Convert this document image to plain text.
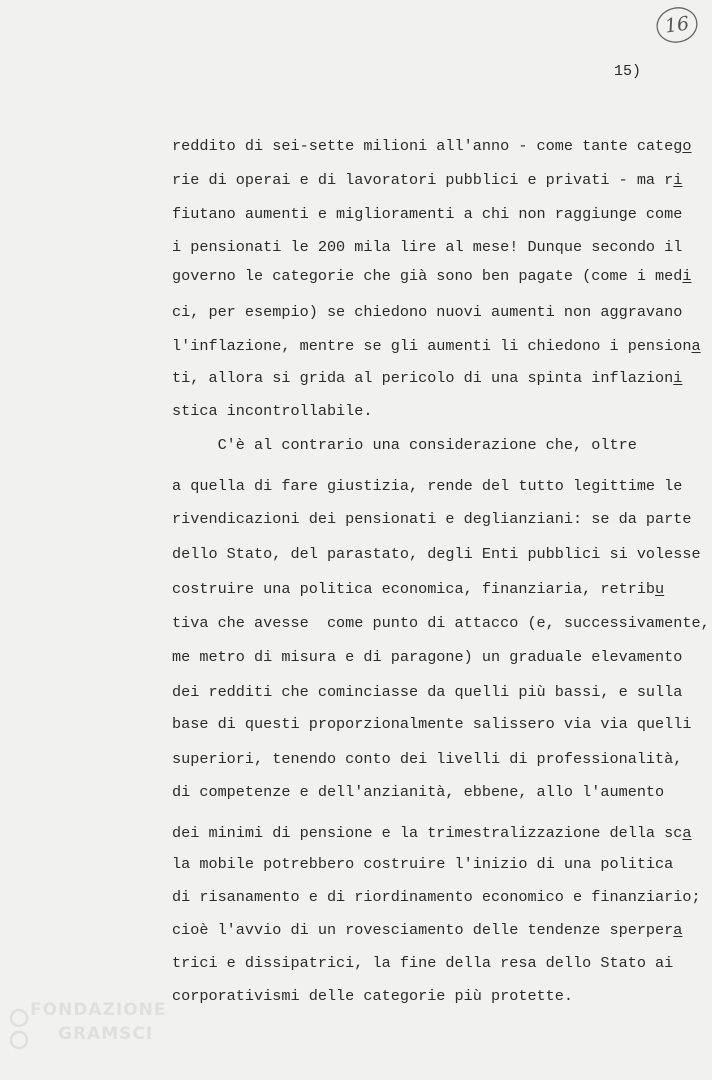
16
15)
reddito di sei-sette milioni all'anno - come tante catego
rie di operai e di lavoratori pubblici e privati - ma ri
fiutano aumenti e miglioramenti a chi non raggiunge come
i pensionati le 200 mila lire al mese! Dunque secondo il
governo le categorie che già sono ben pagate (come i medi
ci, per esempio) se chiedono nuovi aumenti non aggravano
l'inflazione, mentre se gli aumenti li chiedono i pensiona
ti, allora si grida al pericolo di una spinta inflazioni
stica incontrollabile.
C'è al contrario una considerazione che, oltre
a quella di fare giustizia, rende del tutto legittime le
rivendicazioni dei pensionati e deglianziani: se da parte
dello Stato, del parastato, degli Enti pubblici si volesse
costruire una politica economica, finanziaria, retribu
tiva che avesse  come punto di attacco (e, successivamente,
me metro di misura e di paragone) un graduale elevamento
dei redditi che cominciasse da quelli più bassi, e sulla
base di questi proporzionalmente salissero via via quelli
superiori, tenendo conto dei livelli di professionalità,
di competenze e dell'anzianità, ebbene, allo l'aumento
dei minimi di pensione e la trimestralizzazione della sca
la mobile potrebbero costruire l'inizio di una politica
di risanamento e di riordinamento economico e finanziario;
cioè l'avvio di un rovesciamento delle tendenze sperpera
trici e dissipatrici, la fine della resa dello Stato ai
corporativismi delle categorie più protette.
FONDAZIONE
GRAMSCI
